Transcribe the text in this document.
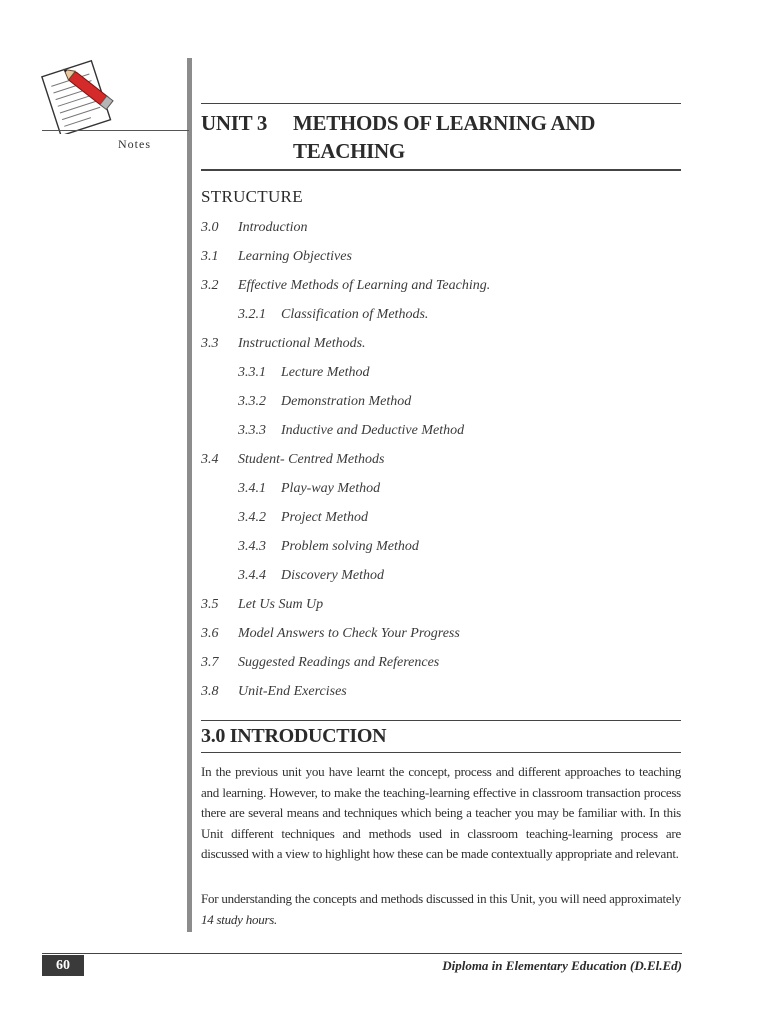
Notes
UNIT 3	METHODS OF LEARNING AND
TEACHING
STRUCTURE
3.0	Introduction
3.1	Learning Objectives
3.2	Effective Methods of Learning and Teaching.
3.2.1	Classification of Methods.
3.3	Instructional Methods.
3.3.1	Lecture Method
3.3.2	Demonstration Method
3.3.3	Inductive and Deductive Method
3.4	Student- Centred Methods
3.4.1	Play-way Method
3.4.2	Project Method
3.4.3	Problem solving Method
3.4.4	Discovery Method
3.5	Let Us Sum Up
3.6	Model Answers to Check Your Progress
3.7	Suggested Readings and References
3.8	Unit-End Exercises
3.0 INTRODUCTION

In the previous unit you have learnt the concept, process and different approaches to teaching and learning. However, to make the teaching-learning effective in classroom transaction process there are several means and techniques which being a teacher you may be familiar with. In this Unit different techniques and methods used in classroom teaching-learning process are discussed with a view to highlight how these can be made contextually appropriate and relevant.

For understanding the concepts and methods discussed in this Unit, you will need approximately 14 study hours.

60	Diploma in Elementary Education (D.El.Ed)
